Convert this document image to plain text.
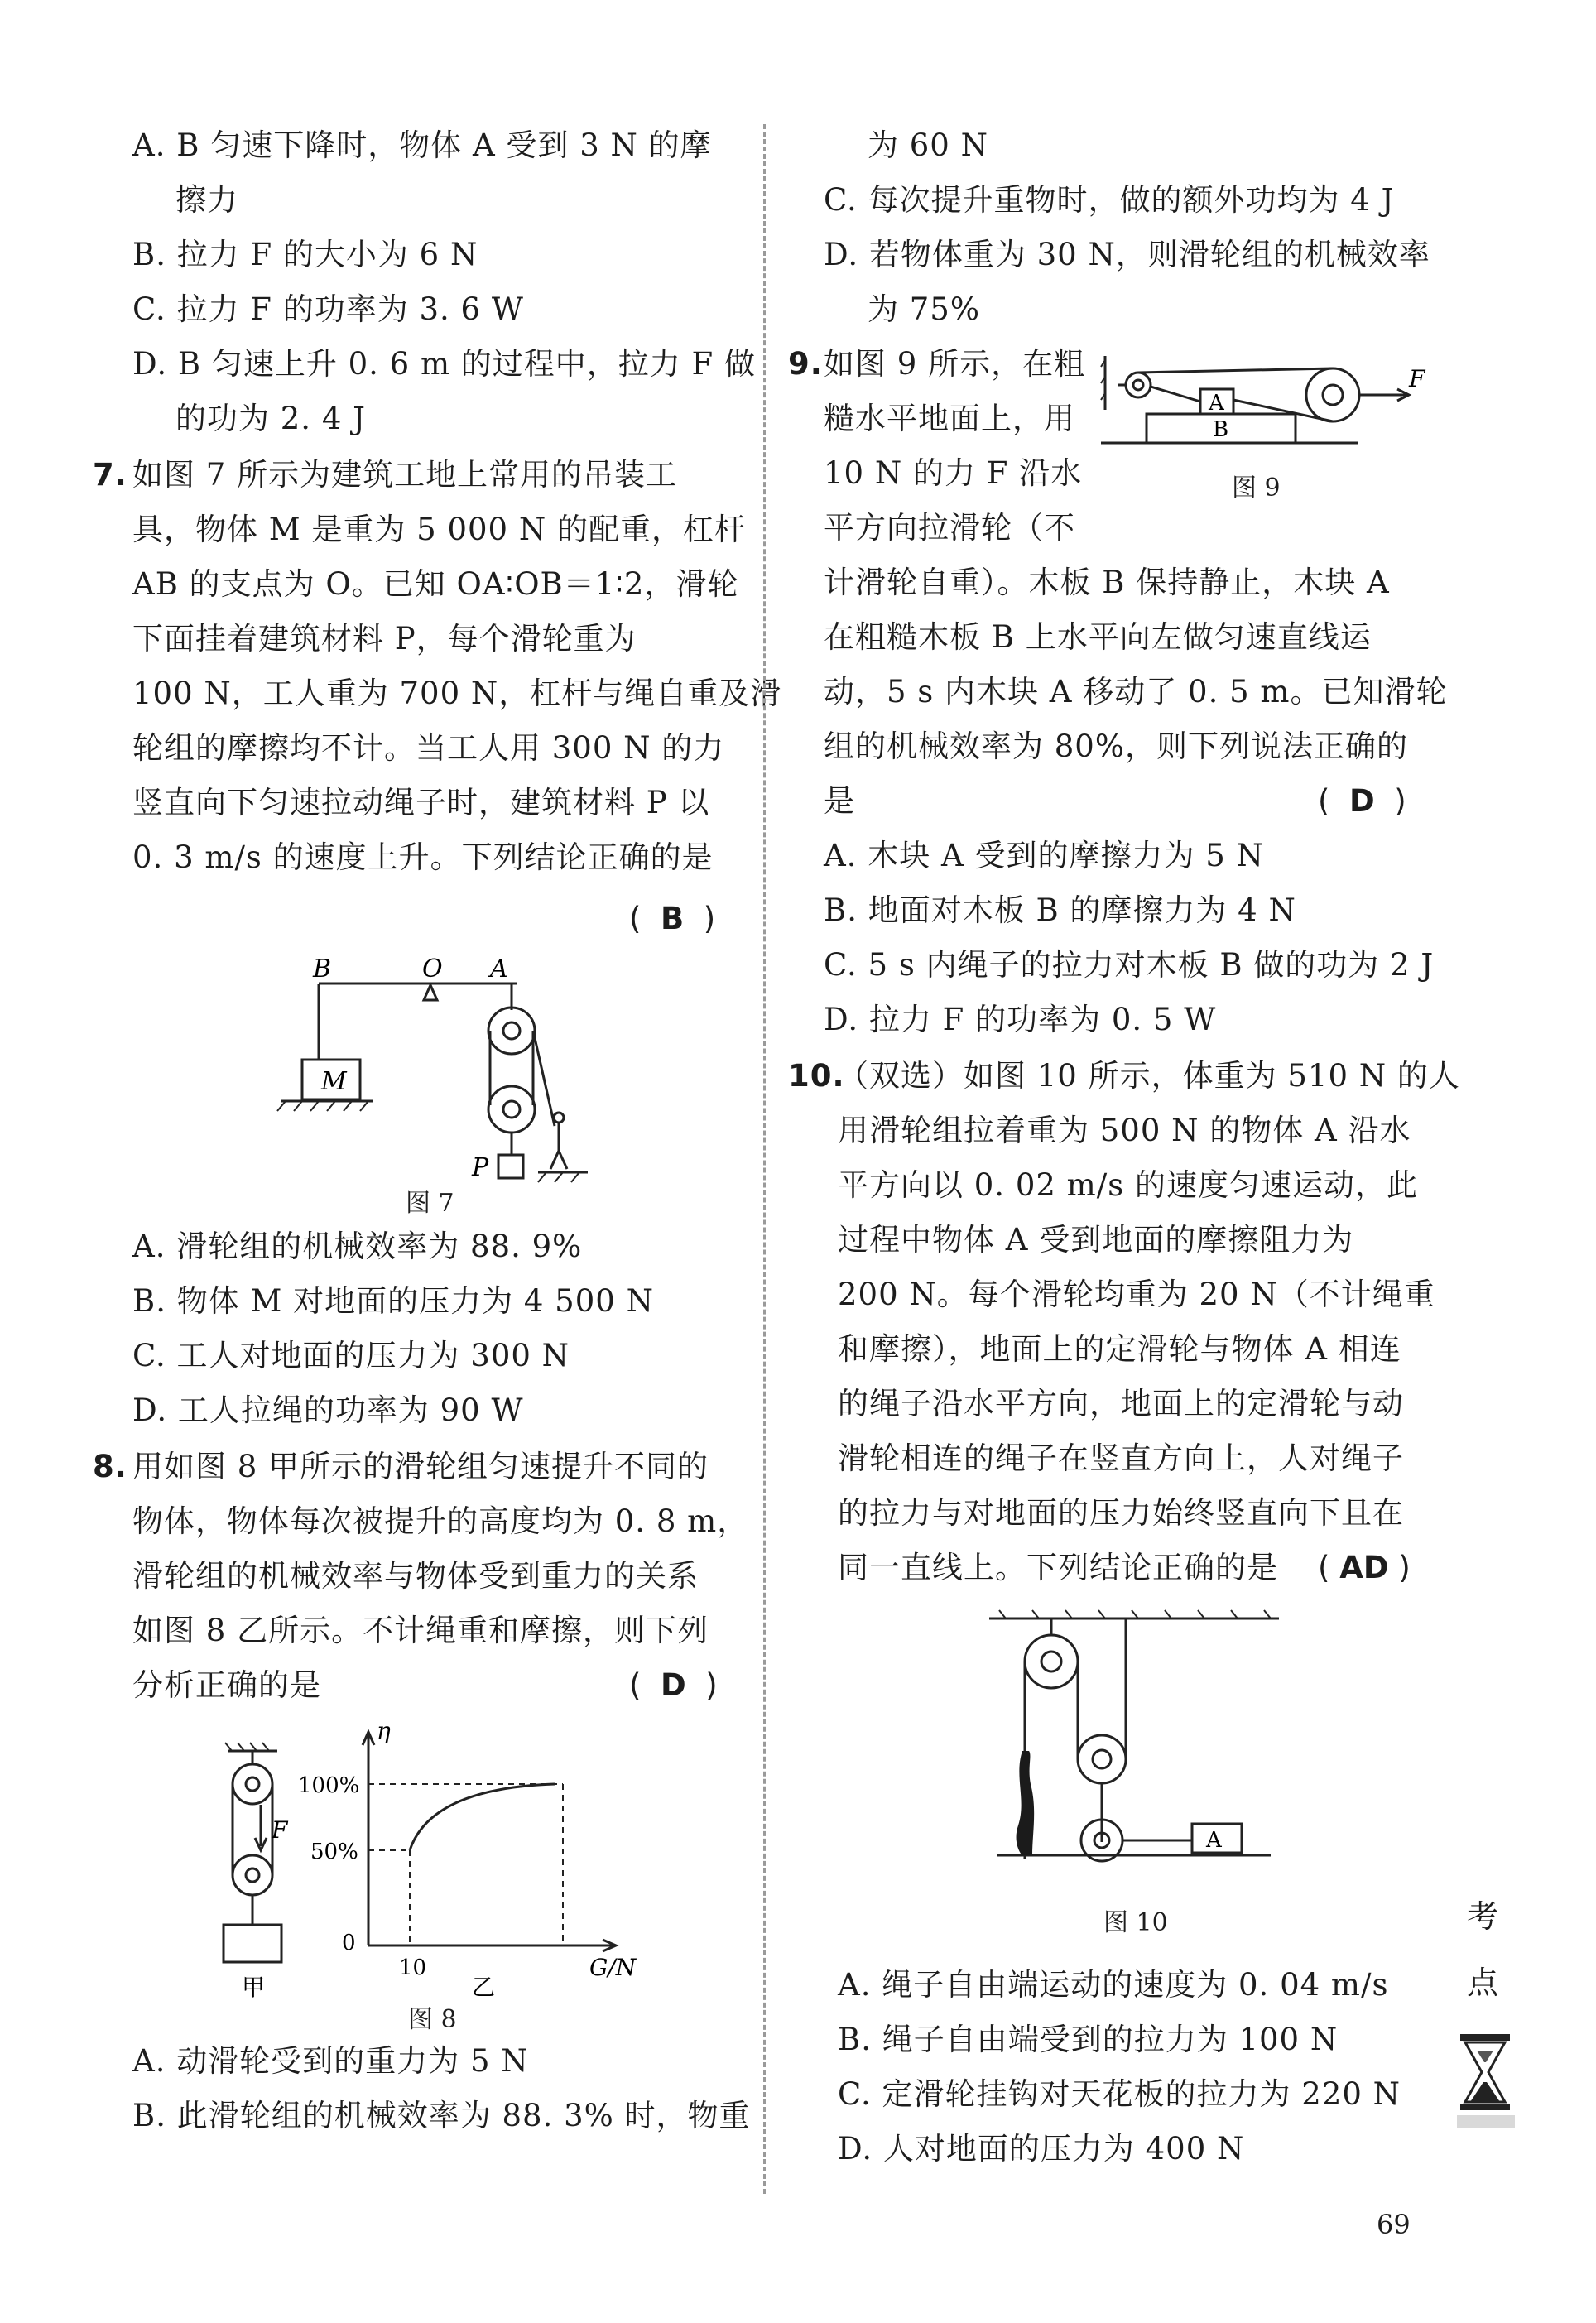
A. B 匀速下降时，物体 A 受到 3 N 的摩
擦力
B. 拉力 F 的大小为 6 N
C. 拉力 F 的功率为 3. 6 W
D. B 匀速上升 0. 6 m 的过程中，拉力 F 做
的功为 2. 4 J
7. 如图 7 所示为建筑工地上常用的吊装工
具，物体 M 是重为 5 000 N 的配重，杠杆
AB 的支点为 O。已知 OA∶OB＝1∶2，滑轮
下面挂着建筑材料 P，每个滑轮重为
100 N，工人重为 700 N，杠杆与绳自重及滑
轮组的摩擦均不计。当工人用 300 N 的力
竖直向下匀速拉动绳子时，建筑材料 P 以
0. 3 m/s 的速度上升。下列结论正确的是
(  B  )
B	O A
M
P
图 7
A. 滑轮组的机械效率为 88. 9%
B. 物体 M 对地面的压力为 4 500 N
C. 工人对地面的压力为 300 N
D. 工人拉绳的功率为 90 W
8. 用如图 8 甲所示的滑轮组匀速提升不同的
物体，物体每次被提升的高度均为 0. 8 m，
滑轮组的机械效率与物体受到重力的关系
如图 8 乙所示。不计绳重和摩擦，则下列
分析正确的是	(  D  )
F
甲
η
100%
50%
0
10
乙
G/N
图 8
A. 动滑轮受到的重力为 5 N
B. 此滑轮组的机械效率为 88. 3% 时，物重
为 60 N
C. 每次提升重物时，做的额外功均为 4 J
D. 若物体重为 30 N，则滑轮组的机械效率
为 75%
9. 如图 9 所示，在粗
糙水平地面上，用
10 N 的力 F 沿水
平方向拉滑轮（不
A
B
F
图 9
计滑轮自重）。木板 B 保持静止，木块 A
在粗糙木板 B 上水平向左做匀速直线运
动，5 s 内木块 A 移动了 0. 5 m。已知滑轮
组的机械效率为 80%，则下列说法正确的
是	(  D  )
A. 木块 A 受到的摩擦力为 5 N
B. 地面对木板 B 的摩擦力为 4 N
C. 5 s 内绳子的拉力对木板 B 做的功为 2 J
D. 拉力 F 的功率为 0. 5 W
10.
（双选）如图 10 所示，体重为 510 N 的人
用滑轮组拉着重为 500 N 的物体 A 沿水
平方向以 0. 02 m/s 的速度匀速运动，此
过程中物体 A 受到地面的摩擦阻力为
200 N。每个滑轮均重为 20 N（不计绳重
和摩擦），地面上的定滑轮与物体 A 相连
的绳子沿水平方向，地面上的定滑轮与动
滑轮相连的绳子在竖直方向上，人对绳子
的拉力与对地面的压力始终竖直向下且在
同一直线上。下列结论正确的是 ( AD )
A
图 10
A. 绳子自由端运动的速度为 0. 04 m/s
B. 绳子自由端受到的拉力为 100 N
C. 定滑轮挂钩对天花板的拉力为 220 N
D. 人对地面的压力为 400 N
考
点
69
